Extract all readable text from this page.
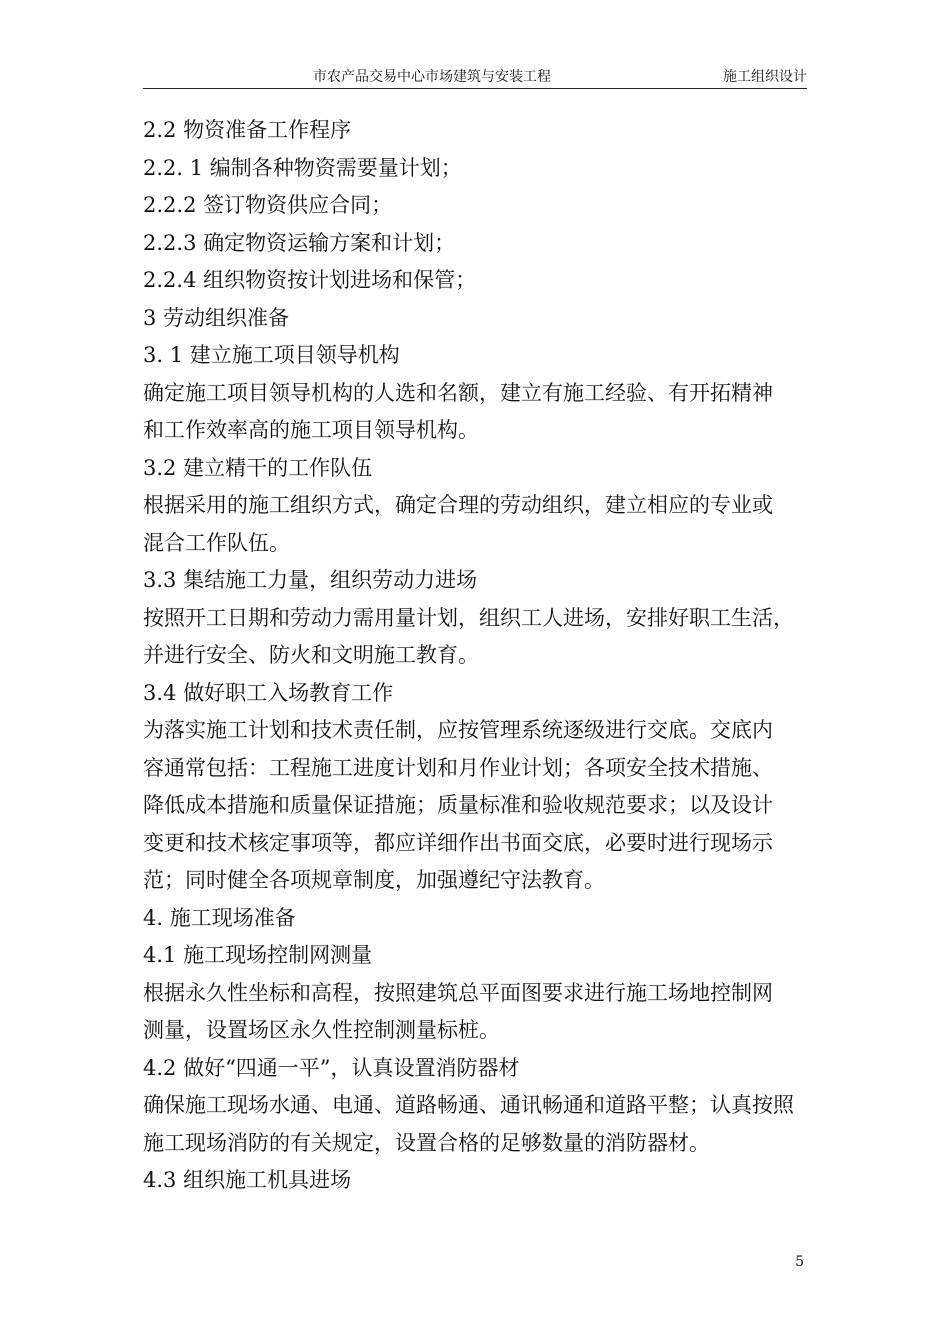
市农产品交易中心市场建筑与安装工程	施工组织设计

2.2 物资准备工作程序

2.2. 1 编制各种物资需要量计划；

2.2.2 签订物资供应合同；

2.2.3 确定物资运输方案和计划；

2.2.4 组织物资按计划进场和保管；

3 劳动组织准备

3. 1 建立施工项目领导机构

确定施工项目领导机构的人选和名额，建立有施工经验、有开拓精神

和工作效率高的施工项目领导机构。

3.2 建立精干的工作队伍

根据采用的施工组织方式，确定合理的劳动组织，建立相应的专业或

混合工作队伍。

3.3 集结施工力量，组织劳动力进场

按照开工日期和劳动力需用量计划，组织工人进场，安排好职工生活，

并进行安全、防火和文明施工教育。

3.4 做好职工入场教育工作

为落实施工计划和技术责任制，应按管理系统逐级进行交底。交底内

容通常包括：工程施工进度计划和月作业计划；各项安全技术措施、

降低成本措施和质量保证措施；质量标准和验收规范要求；以及设计

变更和技术核定事项等，都应详细作出书面交底，必要时进行现场示

范；同时健全各项规章制度，加强遵纪守法教育。

4. 施工现场准备

4.1 施工现场控制网测量

根据永久性坐标和高程，按照建筑总平面图要求进行施工场地控制网

测量，设置场区永久性控制测量标桩。

4.2 做好“四通一平”，认真设置消防器材

确保施工现场水通、电通、道路畅通、通讯畅通和道路平整；认真按照

施工现场消防的有关规定，设置合格的足够数量的消防器材。

4.3 组织施工机具进场

5
